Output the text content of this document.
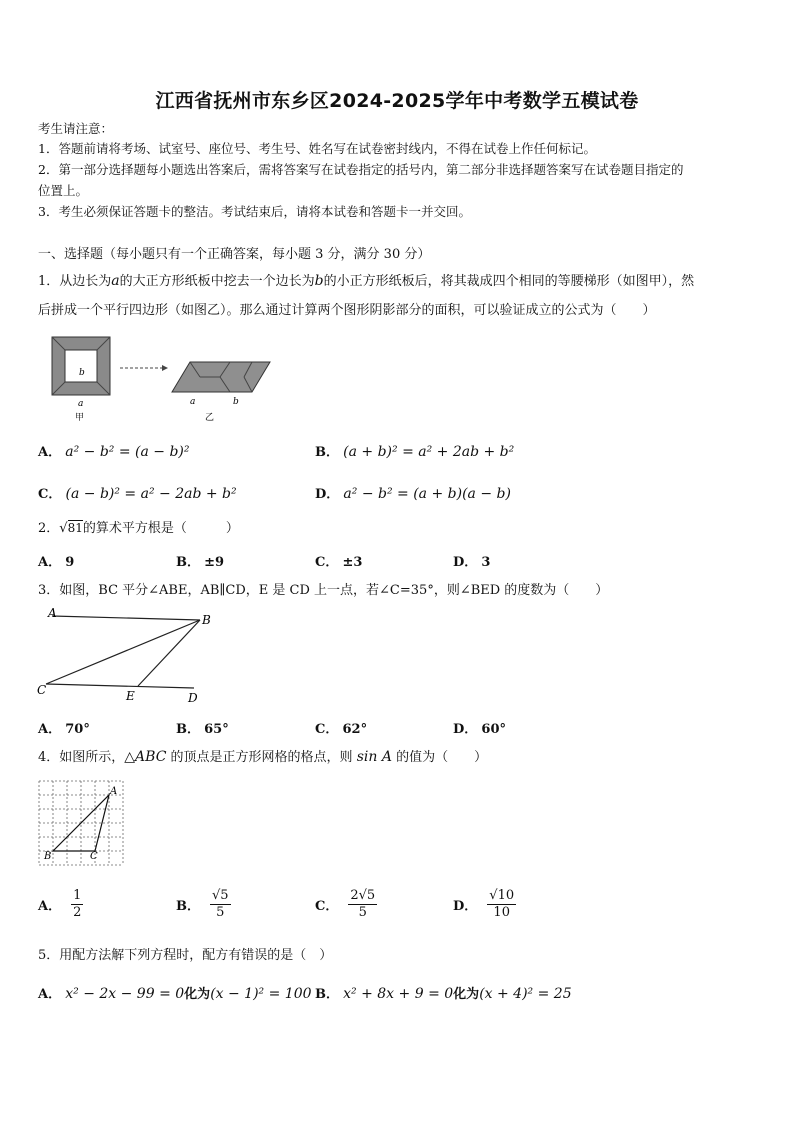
江西省抚州市东乡区2024-2025学年中考数学五模试卷
考生请注意：
1．答题前请将考场、试室号、座位号、考生号、姓名写在试卷密封线内，不得在试卷上作任何标记。
2．第一部分选择题每小题选出答案后，需将答案写在试卷指定的括号内，第二部分非选择题答案写在试卷题目指定的
位置上。
3．考生必须保证答题卡的整洁。考试结束后，请将本试卷和答题卡一并交回。
一、选择题（每小题只有一个正确答案，每小题 3 分，满分 30 分）
1．从边长为a的大正方形纸板中挖去一个边长为b的小正方形纸板后，将其裁成四个相同的等腰梯形（如图甲），然
后拼成一个平行四边形（如图乙）。那么通过计算两个图形阴影部分的面积，可以验证成立的公式为（　　）
b
a
甲
a	b
乙
A． a² − b² = (a − b)²	B． (a + b)² = a² + 2ab + b²
C． (a − b)² = a² − 2ab + b²	D． a² − b² = (a + b)(a − b)
2．√81的算术平方根是（　　　）
A． 9	B． ±9	C． ±3	D． 3
3．如图，BC 平分∠ABE，AB∥CD，E 是 CD 上一点，若∠C=35°，则∠BED 的度数为（　　）
A	B
C	E	D
A． 70°	B． 65°	C． 62°	D． 60°
4．如图所示，△ABC 的顶点是正方形网格的格点，则 sin A 的值为（　　）
A
B	C
A． $\frac{1}{2}$	B． $\frac{√5}{5}$	C． $\frac{2√5}{5}$	D． $\frac{√10}{10}$
5．用配方法解下列方程时，配方有错误的是（　）
A． x² − 2x − 99 = 0化为(x − 1)² = 100 B． x² + 8x + 9 = 0化为(x + 4)² = 25
